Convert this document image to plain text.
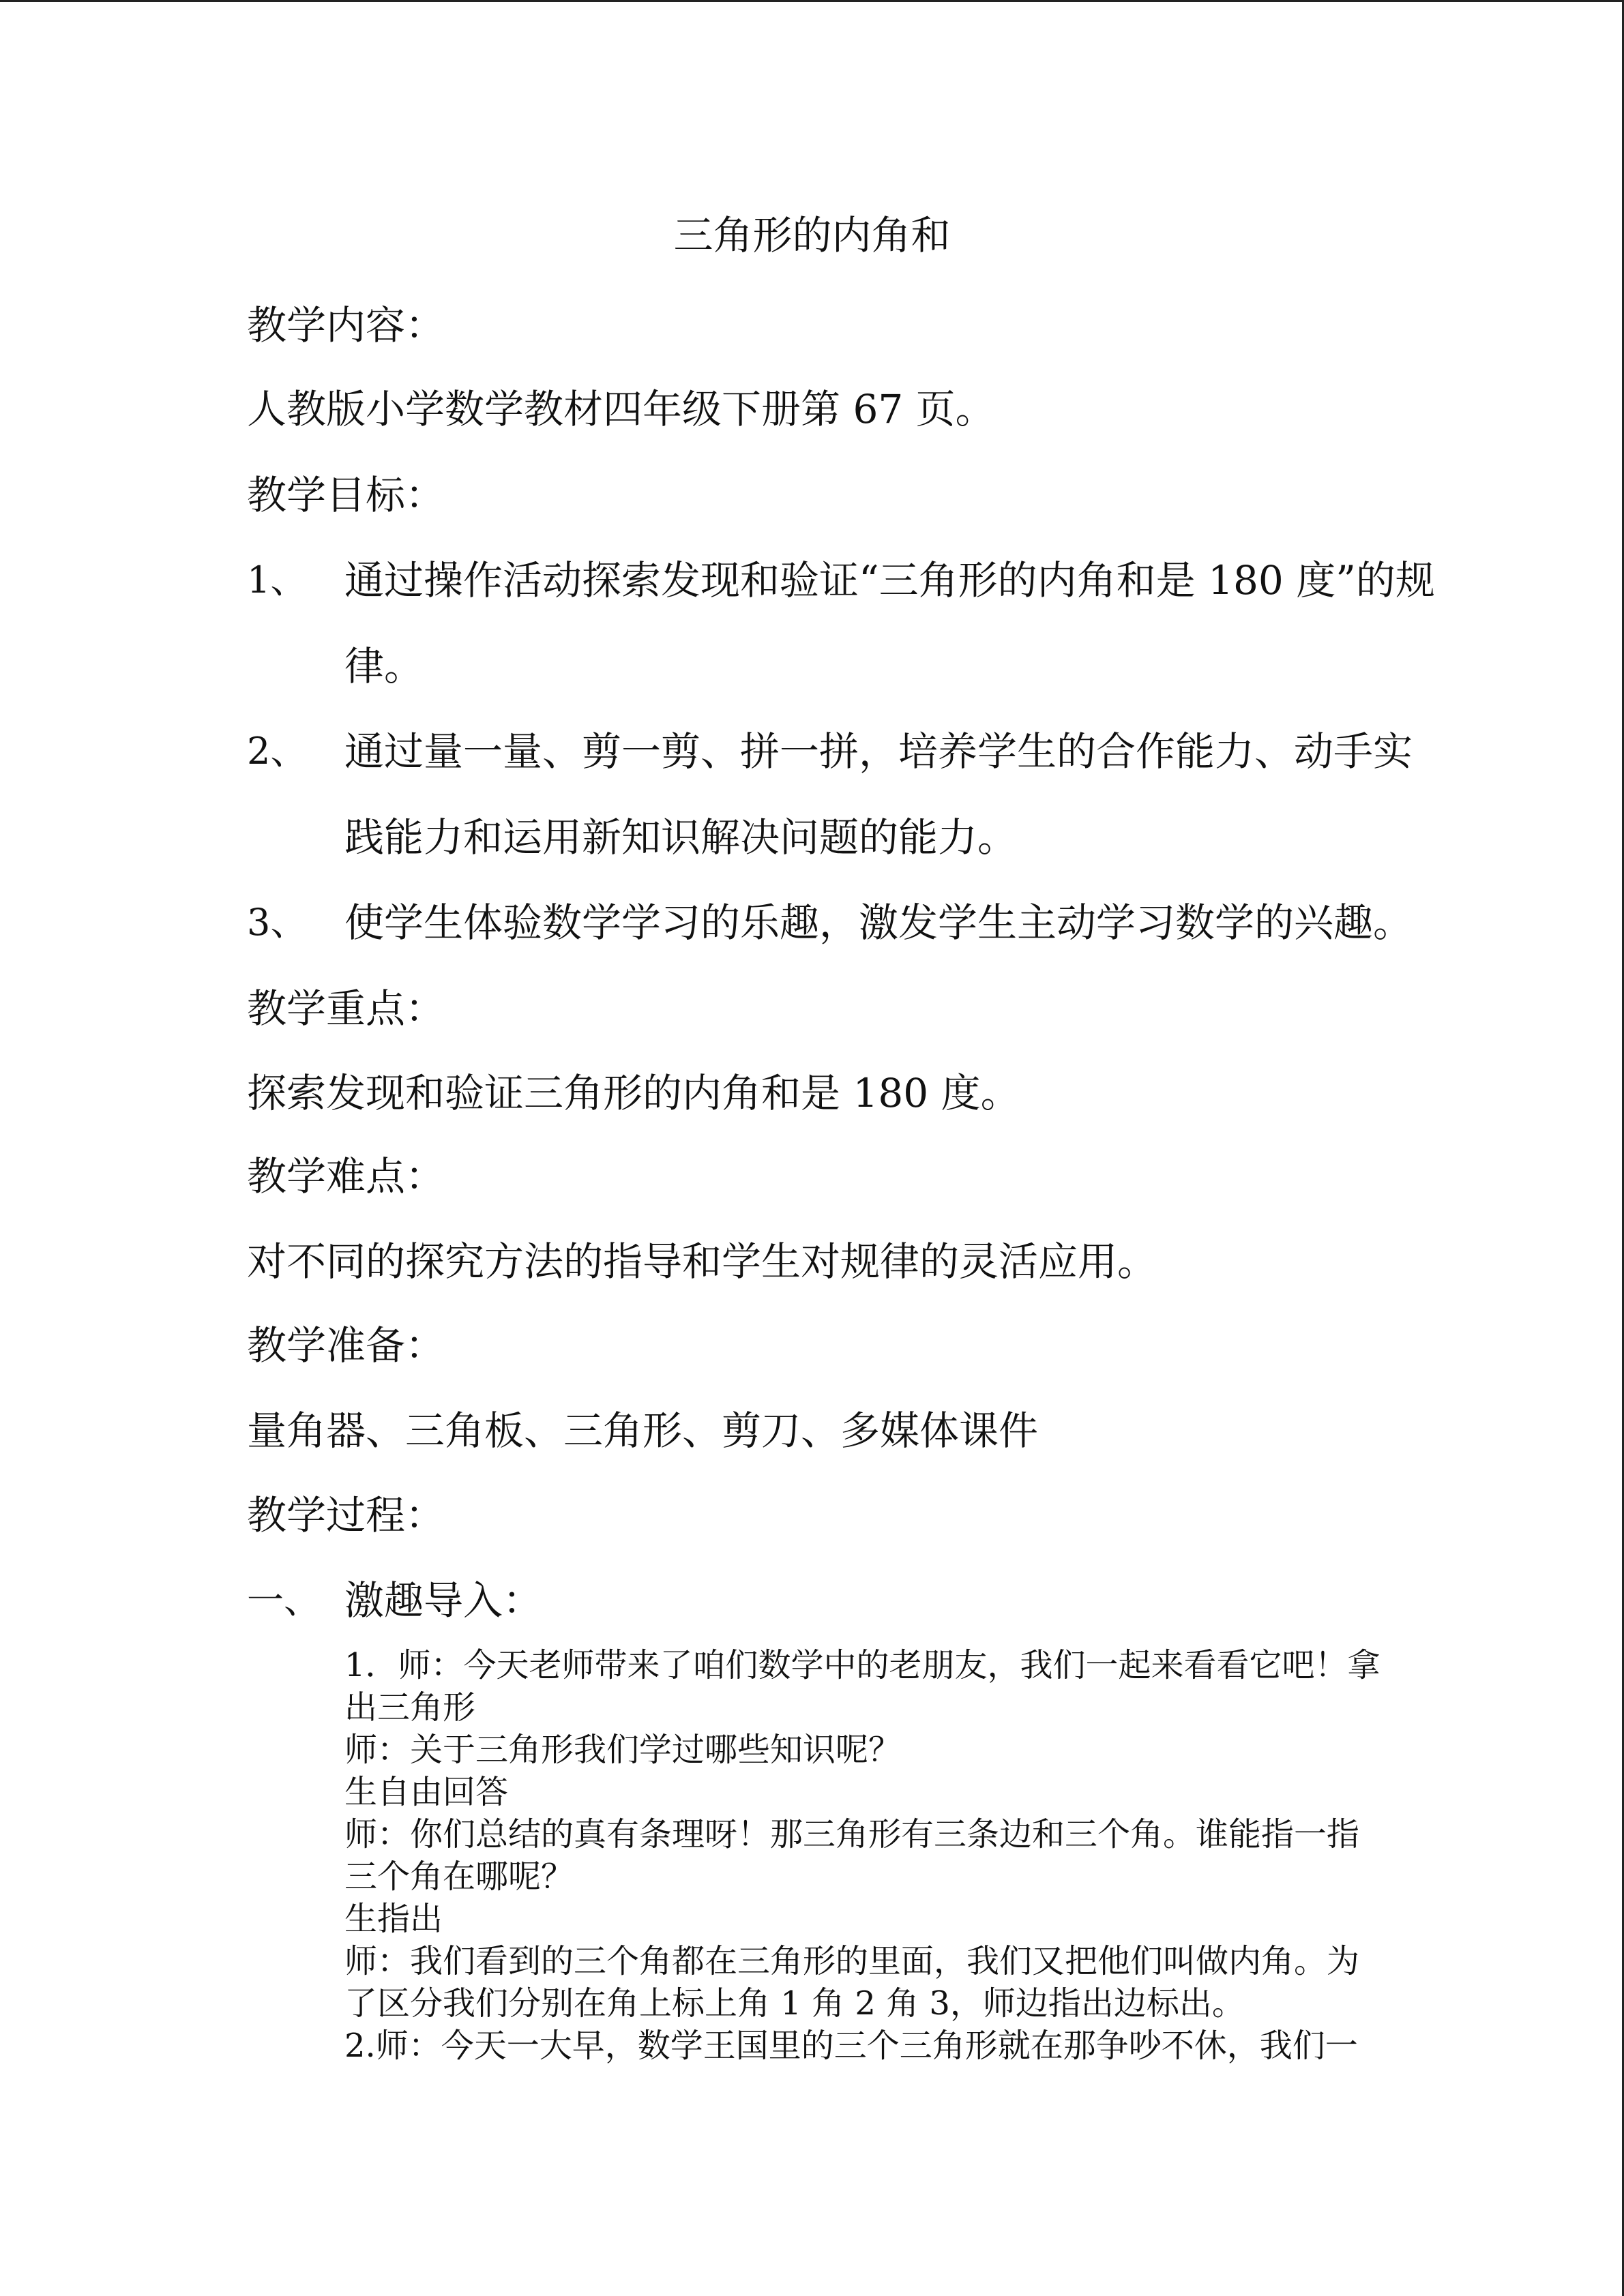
三角形的内角和
教学内容：
人教版小学数学教材四年级下册第 67 页。
教学目标：
1、 通过操作活动探索发现和验证“三角形的内角和是 180 度”的规
律。
2、 通过量一量、剪一剪、拼一拼，培养学生的合作能力、动手实
践能力和运用新知识解决问题的能力。
3、 使学生体验数学学习的乐趣，激发学生主动学习数学的兴趣。
教学重点：
探索发现和验证三角形的内角和是 180 度。
教学难点：
对不同的探究方法的指导和学生对规律的灵活应用。
教学准备：
量角器、三角板、三角形、剪刀、多媒体课件
教学过程：
一、 激趣导入：
1．师：今天老师带来了咱们数学中的老朋友，我们一起来看看它吧！拿
出三角形
师：关于三角形我们学过哪些知识呢？
生自由回答
师：你们总结的真有条理呀！那三角形有三条边和三个角。谁能指一指
三个角在哪呢？
生指出
师：我们看到的三个角都在三角形的里面，我们又把他们叫做内角。为
了区分我们分别在角上标上角 1 角 2 角 3，师边指出边标出。
2.师：今天一大早，数学王国里的三个三角形就在那争吵不休，我们一
